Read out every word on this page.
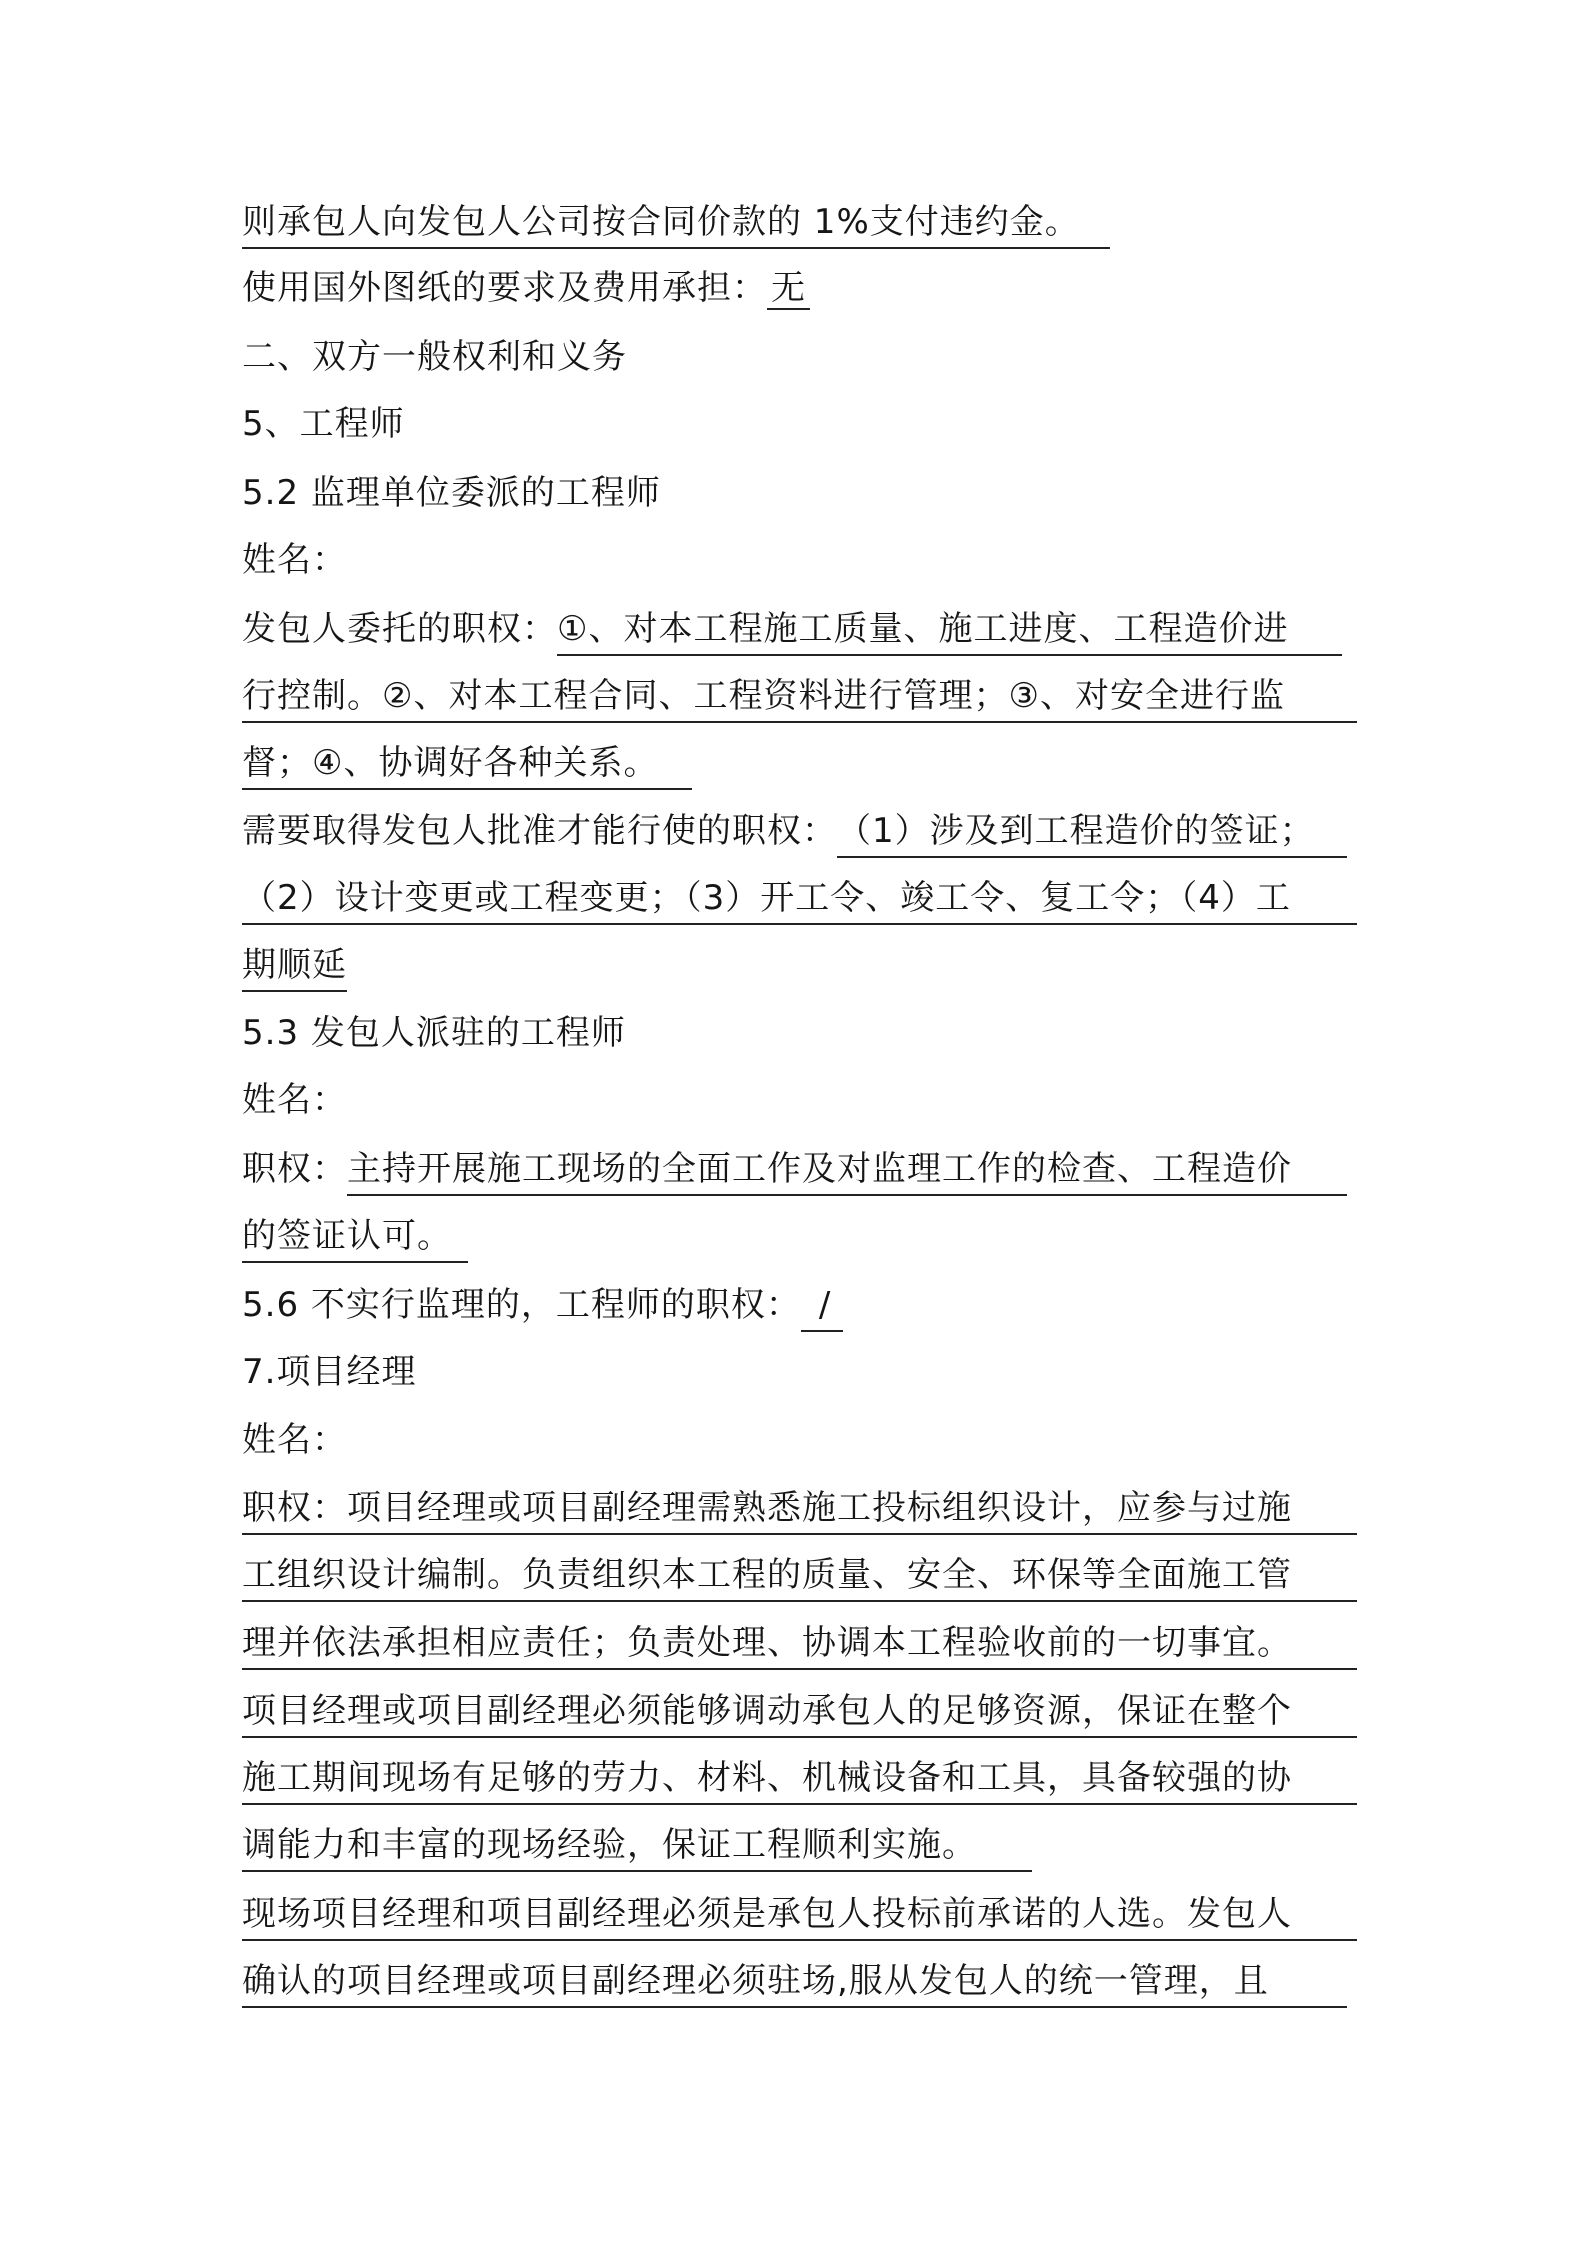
则承包人向发包人公司按合同价款的 1%支付违约金。
使用国外图纸的要求及费用承担： 无
二、双方一般权利和义务
5、工程师
5.2 监理单位委派的工程师
姓名：
发包人委托的职权：①、对本工程施工质量、施工进度、工程造价进
行控制。②、对本工程合同、工程资料进行管理；③、对安全进行监
督；④、协调好各种关系。
需要取得发包人批准才能行使的职权：（1）涉及到工程造价的签证；
（2）设计变更或工程变更；（3）开工令、竣工令、复工令；（4）工
期顺延
5.3 发包人派驻的工程师
姓名：
职权：主持开展施工现场的全面工作及对监理工作的检查、工程造价
的签证认可。
5.6 不实行监理的，工程师的职权： /
7.项目经理
姓名：
职权：项目经理或项目副经理需熟悉施工投标组织设计，应参与过施
工组织设计编制。负责组织本工程的质量、安全、环保等全面施工管
理并依法承担相应责任；负责处理、协调本工程验收前的一切事宜。
项目经理或项目副经理必须能够调动承包人的足够资源，保证在整个
施工期间现场有足够的劳力、材料、机械设备和工具，具备较强的协
调能力和丰富的现场经验，保证工程顺利实施。
现场项目经理和项目副经理必须是承包人投标前承诺的人选。发包人
确认的项目经理或项目副经理必须驻场,服从发包人的统一管理，且
